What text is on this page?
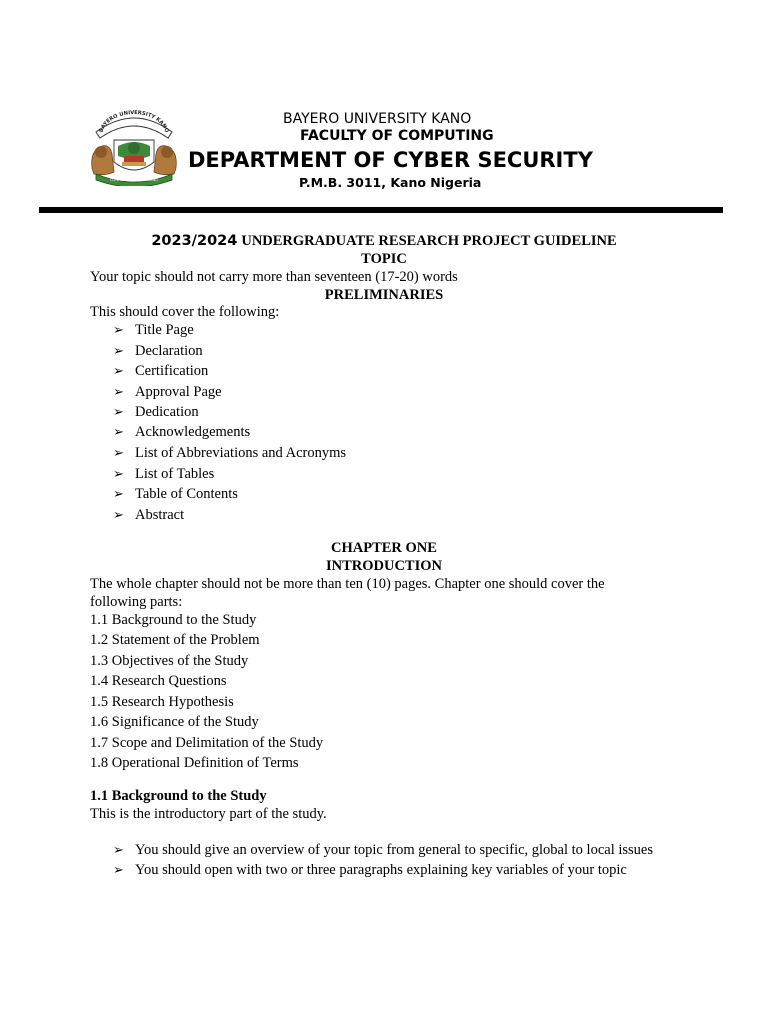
BAYERO UNIVERSITY KANO
CONFIDENCE IN LEARNING
BAYERO UNIVERSITY KANO
FACULTY OF COMPUTING
DEPARTMENT OF CYBER SECURITY
P.M.B. 3011, Kano Nigeria
2023/2024 UNDERGRADUATE RESEARCH PROJECT GUIDELINE
TOPIC
Your topic should not carry more than seventeen (17-20) words
PRELIMINARIES
This should cover the following:
➢ Title Page
➢ Declaration
➢ Certification
➢ Approval Page
➢ Dedication
➢ Acknowledgements
➢ List of Abbreviations and Acronyms
➢ List of Tables
➢ Table of Contents
➢ Abstract
CHAPTER ONE
INTRODUCTION
The whole chapter should not be more than ten (10) pages. Chapter one should cover the
following parts:
1.1 Background to the Study
1.2 Statement of the Problem
1.3 Objectives of the Study
1.4 Research Questions
1.5 Research Hypothesis
1.6 Significance of the Study
1.7 Scope and Delimitation of the Study
1.8 Operational Definition of Terms
1.1 Background to the Study
This is the introductory part of the study.
➢ You should give an overview of your topic from general to specific, global to local issues
➢ You should open with two or three paragraphs explaining key variables of your topic
